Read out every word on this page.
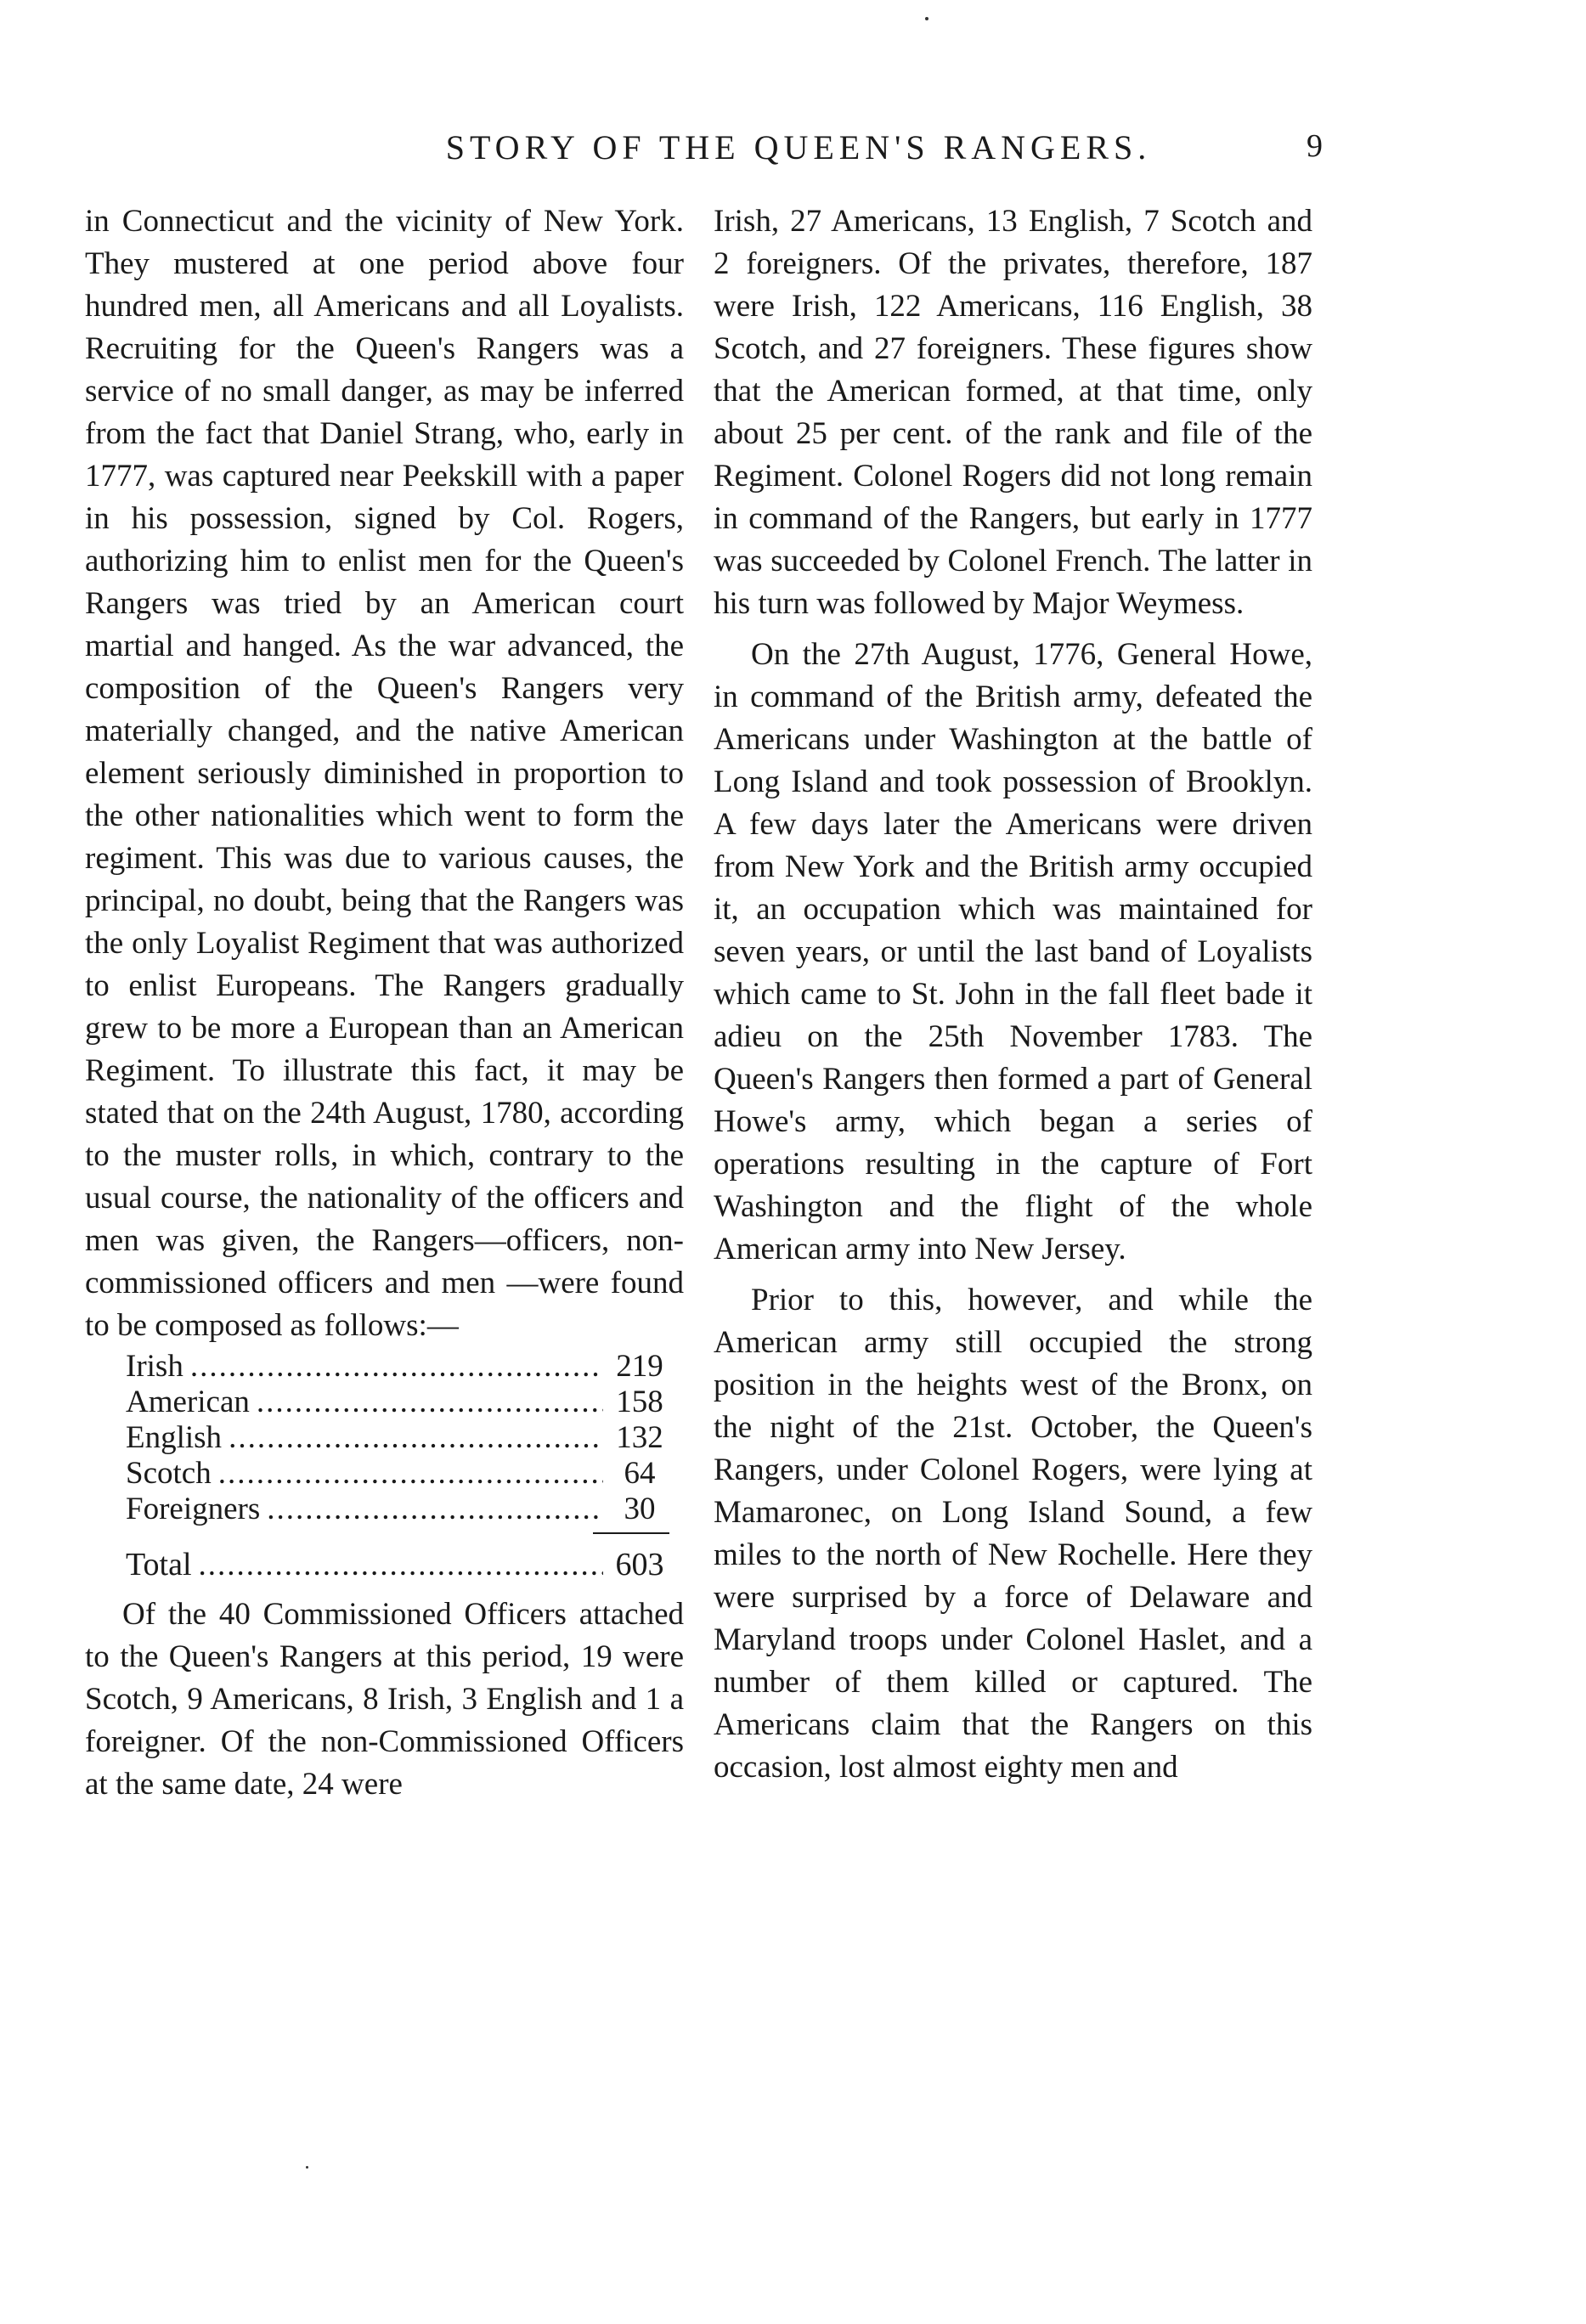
STORY OF THE QUEEN'S RANGERS.	9

in Connecticut and the vicinity of New York. They mustered at one period above four hundred men, all Americans and all Loyalists. Recruiting for the Queen's Rangers was a service of no small danger, as may be inferred from the fact that Daniel Strang, who, early in 1777, was captured near Peekskill with a paper in his possession, signed by Col. Rogers, authorizing him to enlist men for the Queen's Rangers was tried by an American court martial and hanged. As the war advanced, the composition of the Queen's Rangers very materially changed, and the native American element seriously diminished in proportion to the other nationalities which went to form the regiment. This was due to various causes, the principal, no doubt, being that the Rangers was the only Loyalist Regiment that was authorized to enlist Europeans. The Rangers gradually grew to be more a European than an American Regiment. To illustrate this fact, it may be stated that on the 24th August, 1780, according to the muster rolls, in which, contrary to the usual course, the nationality of the officers and men was given, the Rangers—officers, non-commissioned officers and men —were found to be composed as follows:—

Irish .....	219
American .....	158
English .....	132
Scotch .....	64
Foreigners .....	30
Total .....	603

Of the 40 Commissioned Officers attached to the Queen's Rangers at this period, 19 were Scotch, 9 Americans, 8 Irish, 3 English and 1 a foreigner. Of the non-Commissioned Officers at the same date, 24 were

Irish, 27 Americans, 13 English, 7 Scotch and 2 foreigners. Of the privates, therefore, 187 were Irish, 122 Americans, 116 English, 38 Scotch, and 27 foreigners. These figures show that the American formed, at that time, only about 25 per cent. of the rank and file of the Regiment. Colonel Rogers did not long remain in command of the Rangers, but early in 1777 was succeeded by Colonel French. The latter in his turn was followed by Major Weymess.

On the 27th August, 1776, General Howe, in command of the British army, defeated the Americans under Washington at the battle of Long Island and took possession of Brooklyn. A few days later the Americans were driven from New York and the British army occupied it, an occupation which was maintained for seven years, or until the last band of Loyalists which came to St. John in the fall fleet bade it adieu on the 25th November 1783. The Queen's Rangers then formed a part of General Howe's army, which began a series of operations resulting in the capture of Fort Washington and the flight of the whole American army into New Jersey.

Prior to this, however, and while the American army still occupied the strong position in the heights west of the Bronx, on the night of the 21st. October, the Queen's Rangers, under Colonel Rogers, were lying at Mamaronec, on Long Island Sound, a few miles to the north of New Rochelle. Here they were surprised by a force of Delaware and Maryland troops under Colonel Haslet, and a number of them killed or captured. The Americans claim that the Rangers on this occasion, lost almost eighty men and
